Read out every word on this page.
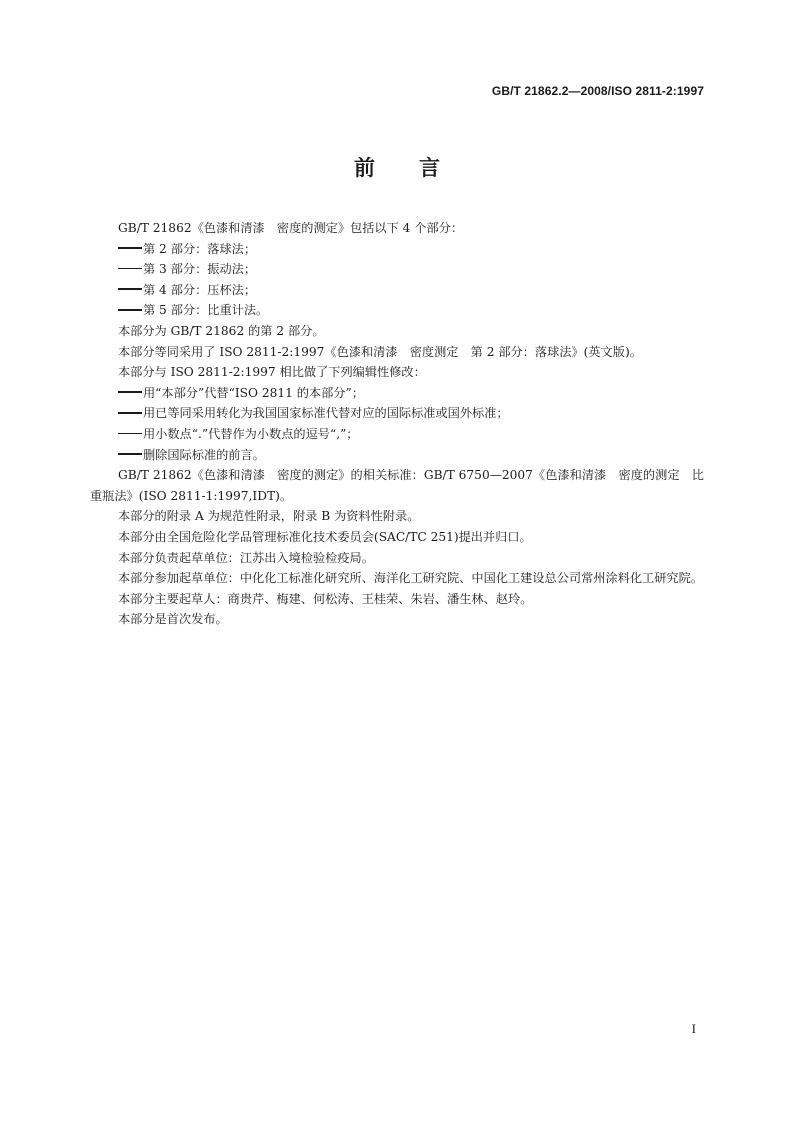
GB/T 21862.2—2008/ISO 2811-2:1997
前 言

GB/T 21862《色漆和清漆　密度的测定》包括以下 4 个部分：

第 2 部分：落球法；

第 3 部分：振动法；

第 4 部分：压杯法；

第 5 部分：比重计法。

本部分为 GB/T 21862 的第 2 部分。

本部分等同采用了 ISO 2811-2:1997《色漆和清漆　密度测定　第 2 部分：落球法》(英文版)。

本部分与 ISO 2811-2:1997 相比做了下列编辑性修改：

用“本部分”代替“ISO 2811 的本部分”；

用已等同采用转化为我国国家标准代替对应的国际标准或国外标准；

用小数点“.”代替作为小数点的逗号“,”；

删除国际标准的前言。

GB/T 21862《色漆和清漆　密度的测定》的相关标准：GB/T 6750—2007《色漆和清漆　密度的测定　比重瓶法》(ISO 2811-1:1997,IDT)。

本部分的附录 A 为规范性附录，附录 B 为资料性附录。

本部分由全国危险化学品管理标准化技术委员会(SAC/TC 251)提出并归口。

本部分负责起草单位：江苏出入境检验检疫局。

本部分参加起草单位：中化化工标准化研究所、海洋化工研究院、中国化工建设总公司常州涂料化工研究院。

本部分主要起草人：商贵芹、梅建、何松涛、王桂荣、朱岩、潘生林、赵玲。

本部分是首次发布。

I
